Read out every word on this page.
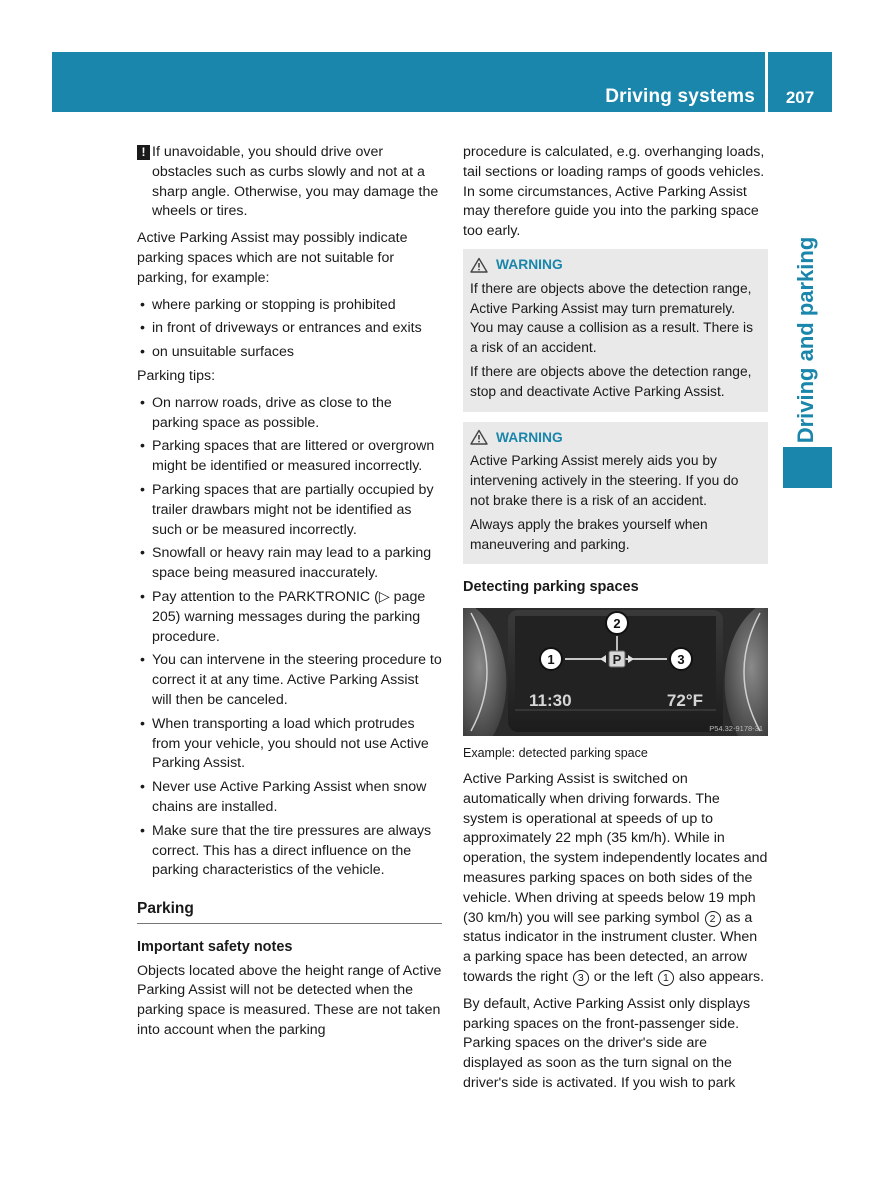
Driving systems	207
Driving and parking
! If unavoidable, you should drive over obstacles such as curbs slowly and not at a sharp angle. Otherwise, you may damage the wheels or tires.

Active Parking Assist may possibly indicate parking spaces which are not suitable for parking, for example:

• where parking or stopping is prohibited
• in front of driveways or entrances and exits
• on unsuitable surfaces

Parking tips:

• On narrow roads, drive as close to the parking space as possible.
• Parking spaces that are littered or overgrown might be identified or measured incorrectly.
• Parking spaces that are partially occupied by trailer drawbars might not be identified as such or be measured incorrectly.
• Snowfall or heavy rain may lead to a parking space being measured inaccurately.
• Pay attention to the PARKTRONIC (▷ page 205) warning messages during the parking procedure.
• You can intervene in the steering procedure to correct it at any time. Active Parking Assist will then be canceled.
• When transporting a load which protrudes from your vehicle, you should not use Active Parking Assist.
• Never use Active Parking Assist when snow chains are installed.
• Make sure that the tire pressures are always correct. This has a direct influence on the parking characteristics of the vehicle.
Parking
Important safety notes

Objects located above the height range of Active Parking Assist will not be detected when the parking space is measured. These are not taken into account when the parking

procedure is calculated, e.g. overhanging loads, tail sections or loading ramps of goods vehicles. In some circumstances, Active Parking Assist may therefore guide you into the parking space too early.

WARNING

If there are objects above the detection range, Active Parking Assist may turn prematurely. You may cause a collision as a result. There is a risk of an accident.

If there are objects above the detection range, stop and deactivate Active Parking Assist.

WARNING

Active Parking Assist merely aids you by intervening actively in the steering. If you do not brake there is a risk of an accident.

Always apply the brakes yourself when maneuvering and parking.

Detecting parking spaces
P
1
2
3
11:30	72°F
P54.32-9178-31
Example: detected parking space

Active Parking Assist is switched on automatically when driving forwards. The system is operational at speeds of up to approximately 22 mph (35 km/h). While in operation, the system independently locates and measures parking spaces on both sides of the vehicle. When driving at speeds below 19 mph (30 km/h) you will see parking symbol 2 as a status indicator in the instrument cluster. When a parking space has been detected, an arrow towards the right 3 or the left 1 also appears.

By default, Active Parking Assist only displays parking spaces on the front-passenger side. Parking spaces on the driver's side are displayed as soon as the turn signal on the driver's side is activated. If you wish to park
